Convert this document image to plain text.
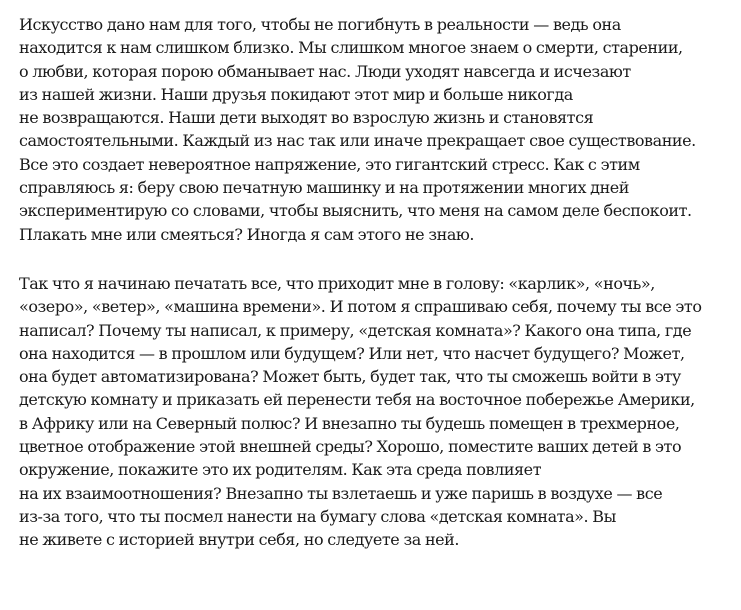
Искусство дано нам для того, чтобы не погибнуть в реальности — ведь она
находится к нам слишком близко. Мы слишком многое знаем о смерти, старении,
о любви, которая порою обманывает нас. Люди уходят навсегда и исчезают
из нашей жизни. Наши друзья покидают этот мир и больше никогда
не возвращаются. Наши дети выходят во взрослую жизнь и становятся
самостоятельными. Каждый из нас так или иначе прекращает свое существование.
Все это создает невероятное напряжение, это гигантский стресс. Как с этим
справляюсь я: беру свою печатную машинку и на протяжении многих дней
экспериментирую со словами, чтобы выяснить, что меня на самом деле беспокоит.
Плакать мне или смеяться? Иногда я сам этого не знаю.
Так что я начинаю печатать все, что приходит мне в голову: «карлик», «ночь»,
«озеро», «ветер», «машина времени». И потом я спрашиваю себя, почему ты все это
написал? Почему ты написал, к примеру, «детская комната»? Какого она типа, где
она находится — в прошлом или будущем? Или нет, что насчет будущего? Может,
она будет автоматизирована? Может быть, будет так, что ты сможешь войти в эту
детскую комнату и приказать ей перенести тебя на восточное побережье Америки,
в Африку или на Северный полюс? И внезапно ты будешь помещен в трехмерное,
цветное отображение этой внешней среды? Хорошо, поместите ваших детей в это
окружение, покажите это их родителям. Как эта среда повлияет
на их взаимоотношения? Внезапно ты взлетаешь и уже паришь в воздухе — все
из-за того, что ты посмел нанести на бумагу слова «детская комната». Вы
не живете с историей внутри себя, но следуете за ней.
